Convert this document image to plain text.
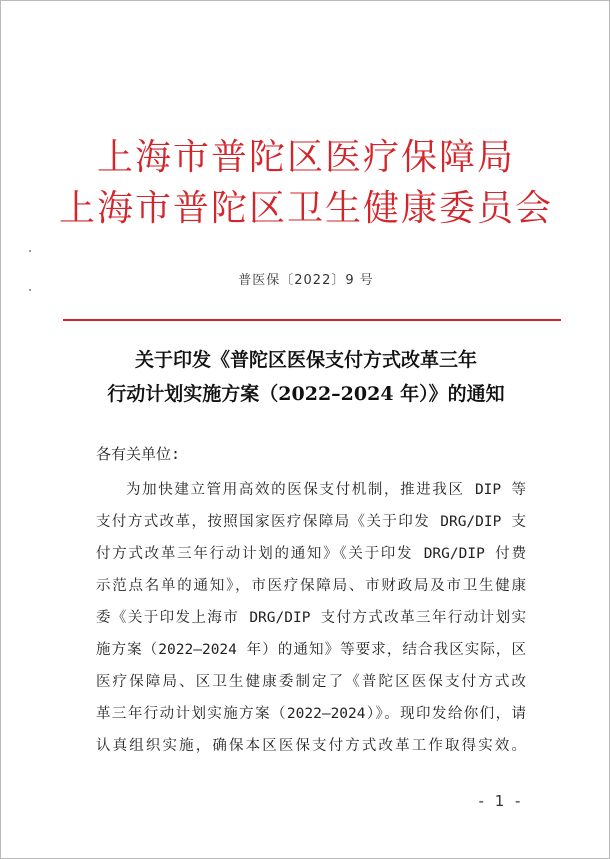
上海市普陀区医疗保障局
上海市普陀区卫生健康委员会
普医保〔2022〕9 号
关于印发《普陀区医保支付方式改革三年
行动计划实施方案（2022–2024 年）》的通知
各有关单位:
为加快建立管用高效的医保支付机制，推进我区 DIP 等
支付方式改革，按照国家医疗保障局《关于印发 DRG/DIP 支
付方式改革三年行动计划的通知》《关于印发 DRG/DIP 付费
示范点名单的通知》，市医疗保障局、市财政局及市卫生健康
委《关于印发上海市 DRG/DIP 支付方式改革三年行动计划实
施方案（2022–2024 年）的通知》等要求，结合我区实际，区
医疗保障局、区卫生健康委制定了《普陀区医保支付方式改
革三年行动计划实施方案（2022–2024）》。现印发给你们，请
认真组织实施，确保本区医保支付方式改革工作取得实效。
- 1 -
